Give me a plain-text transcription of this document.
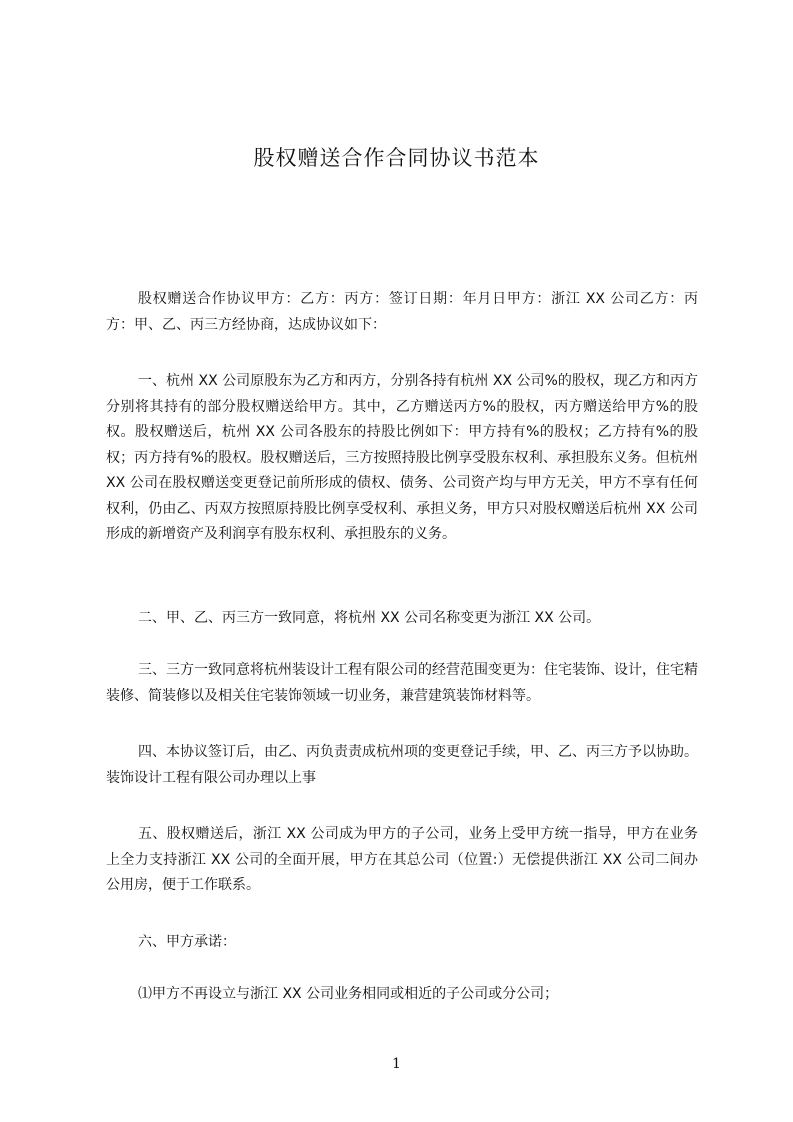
股权赠送合作合同协议书范本

股权赠送合作协议甲方：乙方：丙方：签订日期：年月日甲方：浙江 XX 公司乙方：丙方：甲、乙、丙三方经协商，达成协议如下：

一、杭州 XX 公司原股东为乙方和丙方，分别各持有杭州 XX 公司%的股权，现乙方和丙方分别将其持有的部分股权赠送给甲方。其中，乙方赠送丙方%的股权，丙方赠送给甲方%的股权。股权赠送后，杭州 XX 公司各股东的持股比例如下：甲方持有%的股权；乙方持有%的股权；丙方持有%的股权。股权赠送后，三方按照持股比例享受股东权利、承担股东义务。但杭州 XX 公司在股权赠送变更登记前所形成的债权、债务、公司资产均与甲方无关，甲方不享有任何权利，仍由乙、丙双方按照原持股比例享受权利、承担义务，甲方只对股权赠送后杭州 XX 公司形成的新增资产及利润享有股东权利、承担股东的义务。

二、甲、乙、丙三方一致同意，将杭州 XX 公司名称变更为浙江 XX 公司。

三、三方一致同意将杭州装设计工程有限公司的经营范围变更为：住宅装饰、设计，住宅精装修、简装修以及相关住宅装饰领域一切业务，兼营建筑装饰材料等。

四、本协议签订后，由乙、丙负责责成杭州项的变更登记手续，甲、乙、丙三方予以协助。装饰设计工程有限公司办理以上事

五、股权赠送后，浙江 XX 公司成为甲方的子公司，业务上受甲方统一指导，甲方在业务上全力支持浙江 XX 公司的全面开展，甲方在其总公司（位置:）无偿提供浙江 XX 公司二间办公用房，便于工作联系。

六、甲方承诺：

⑴甲方不再设立与浙江 XX 公司业务相同或相近的子公司或分公司；

1
